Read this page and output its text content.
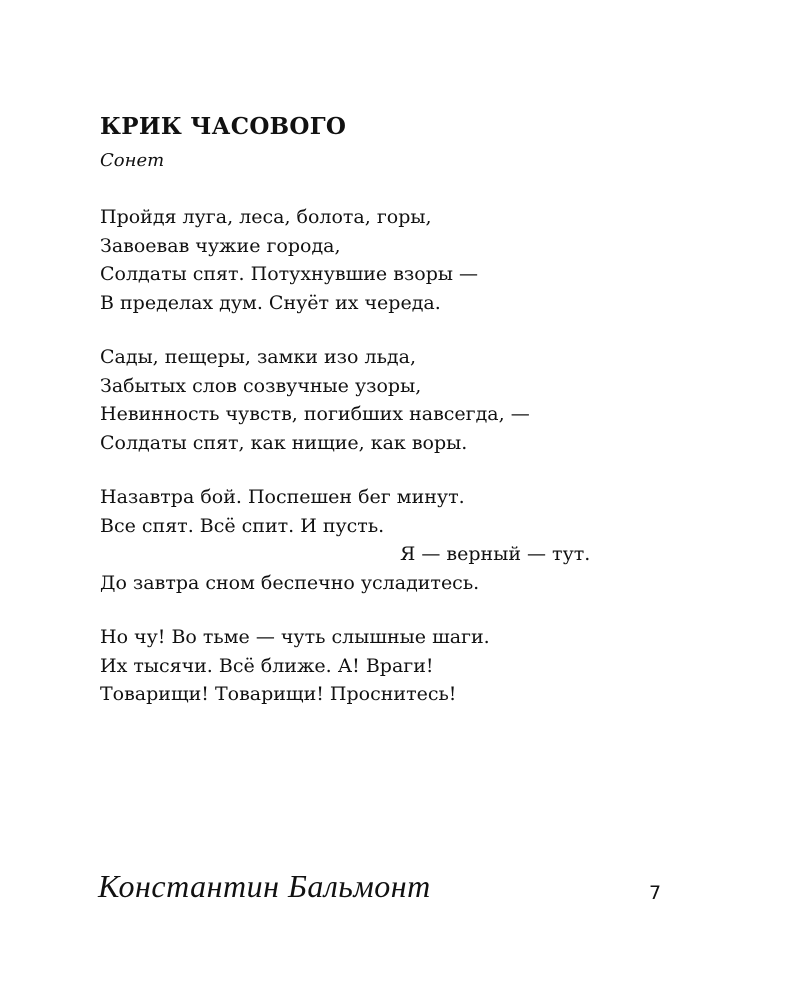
КРИК ЧАСОВОГО
Сонет
Пройдя луга, леса, болота, горы,
Завоевав чужие города,
Солдаты спят. Потухнувшие взоры —
В пределах дум. Снуёт их череда.
Сады, пещеры, замки изо льда,
Забытых слов созвучные узоры,
Невинность чувств, погибших навсегда, —
Солдаты спят, как нищие, как воры.
Назавтра бой. Поспешен бег минут.
Все спят. Всё спит. И пусть.
Я — верный — тут.
До завтра сном беспечно усладитесь.
Но чу! Во тьме — чуть слышные шаги.
Их тысячи. Всё ближе. А! Враги!
Товарищи! Товарищи! Проснитесь!
Константин Бальмонт	7
